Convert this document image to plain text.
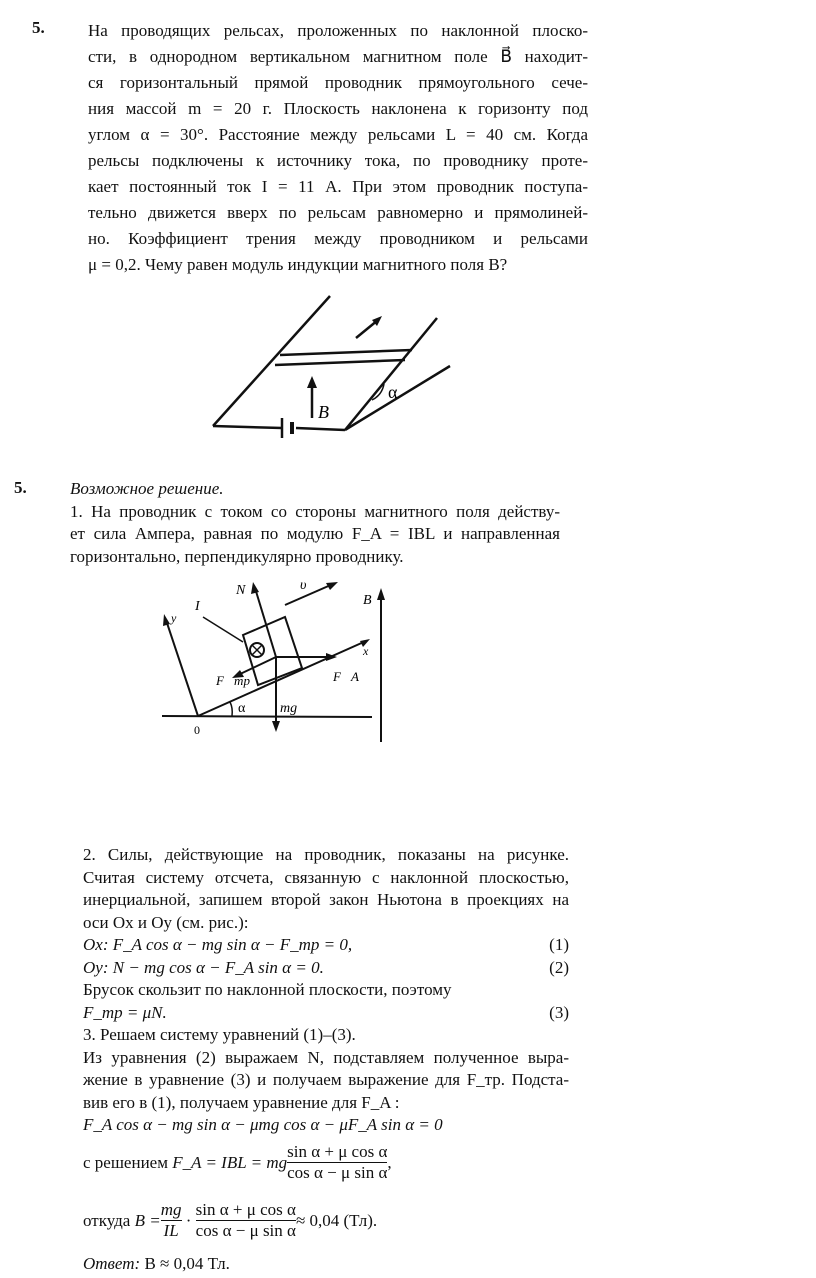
5.	На проводящих рельсах, проложенных по наклонной плоско-
сти, в однородном вертикальном магнитном поле B⃗ находит-
ся горизонтальный прямой проводник прямоугольного сече-
ния массой m = 20 г. Плоскость наклонена к горизонту под
углом α = 30°. Расстояние между рельсами L = 40 см. Когда
рельсы подключены к источнику тока, по проводнику проте-
кает постоянный ток I = 11 А. При этом проводник поступа-
тельно движется вверх по рельсам равномерно и прямолиней-
но. Коэффициент трения между проводником и рельсами
μ = 0,2. Чему равен модуль индукции магнитного поля B?
B⃗
α
5.	Возможное решение.
1. На проводник с током со стороны магнитного поля действу-
ет сила Ампера, равная по модулю F_A = IBL и направленная
горизонтально, перпендикулярно проводнику.
N⃗	υ⃗
B⃗
I
y
x
F⃗тр	F⃗A
α mg⃗
0
2. Силы, действующие на проводник, показаны на рисунке.
Считая систему отсчета, связанную с наклонной плоскостью,
инерциальной, запишем второй закон Ньютона в проекциях на
оси Ox и Oy (см. рис.):
Ox: F_A cos α − mg sin α − F_тр = 0,	(1)
Oy: N − mg cos α − F_A sin α = 0.	(2)
Брусок скользит по наклонной плоскости, поэтому
F_тр = μN.	(3)
3. Решаем систему уравнений (1)–(3).
Из уравнения (2) выражаем N, подставляем полученное выра-
жение в уравнение (3) и получаем выражение для F_тр. Подста-
вив его в (1), получаем уравнение для F_A :
F_A cos α − mg sin α − μmg cos α − μF_A sin α = 0
с решением
F_A = IBL = mg $\frac{\text{sin α + μ cos α}}{\text{cos α − μ sin α}}$ ,
откуда
$B = \frac{mg}{IL} \cdot \frac{\text{sin α + μ cos α}}{\text{cos α − μ sin α}} \approx 0,04$ (Тл).
Ответ: B ≈ 0,04 Тл.
